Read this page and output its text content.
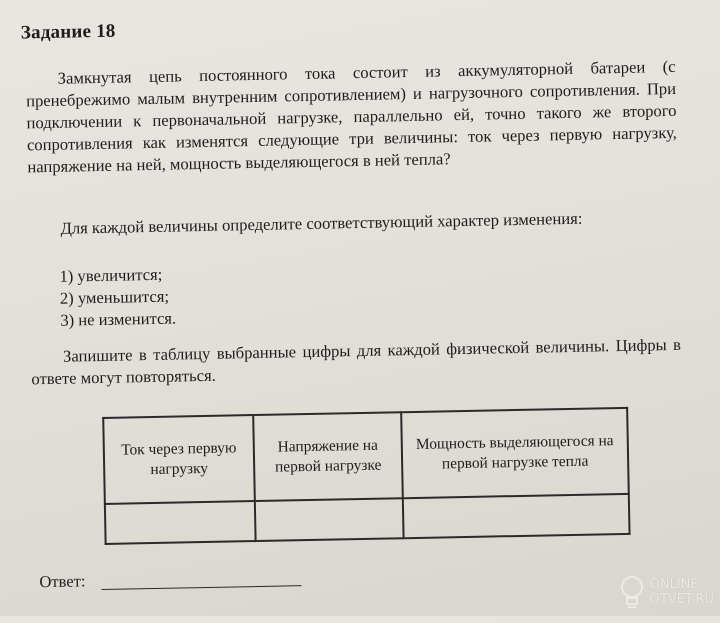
Задание 18
Замкнутая цепь постоянного тока состоит из аккумуляторной батареи (с пренебрежимо малым внутренним сопротивлением) и нагрузочного сопротивления. При подключении к первоначальной нагрузке, параллельно ей, точно такого же второго сопротивления как изменятся следующие три величины: ток через первую нагрузку, напряжение на ней, мощность выделяющегося в ней тепла?
Для каждой величины определите соответствующий характер изменения:
1) увеличится;
2) уменьшится;
3) не изменится.
Запишите в таблицу выбранные цифры для каждой физической величины. Цифры в ответе могут повторяться.
Ток через первую нагрузку	Напряжение на первой нагрузке	Мощность выделяющегося на первой нагрузке тепла

Ответ:	ONLINE
OTVET.RU
